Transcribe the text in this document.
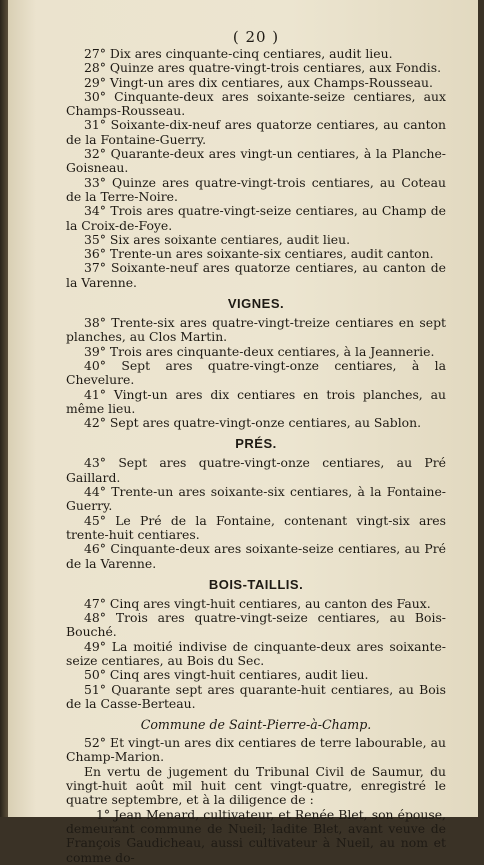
( 20 )

27° Dix ares cinquante-cinq centiares, audit lieu.

28° Quinze ares quatre-vingt-trois centiares, aux Fondis.

29° Vingt-un ares dix centiares, aux Champs-Rousseau.

30° Cinquante-deux ares soixante-seize centiares, aux Champs-Rousseau.

31° Soixante-dix-neuf ares quatorze centiares, au canton de la Fontaine-Guerry.

32° Quarante-deux ares vingt-un centiares, à la Planche-Goisneau.

33° Quinze ares quatre-vingt-trois centiares, au Coteau de la Terre-Noire.

34° Trois ares quatre-vingt-seize centiares, au Champ de la Croix-de-Foye.

35° Six ares soixante centiares, audit lieu.

36° Trente-un ares soixante-six centiares, audit canton.

37° Soixante-neuf ares quatorze centiares, au canton de la Varenne.

VIGNES.

38° Trente-six ares quatre-vingt-treize centiares en sept planches, au Clos Martin.

39° Trois ares cinquante-deux centiares, à la Jeannerie.

40° Sept ares quatre-vingt-onze centiares, à la Chevelure.

41° Vingt-un ares dix centiares en trois planches, au même lieu.

42° Sept ares quatre-vingt-onze centiares, au Sablon.

PRÉS.

43° Sept ares quatre-vingt-onze centiares, au Pré Gaillard.

44° Trente-un ares soixante-six centiares, à la Fontaine-Guerry.

45° Le Pré de la Fontaine, contenant vingt-six ares trente-huit centiares.

46° Cinquante-deux ares soixante-seize centiares, au Pré de la Varenne.

BOIS-TAILLIS.

47° Cinq ares vingt-huit centiares, au canton des Faux.

48° Trois ares quatre-vingt-seize centiares, au Bois-Bouché.

49° La moitié indivise de cinquante-deux ares soixante-seize centiares, au Bois du Sec.

50° Cinq ares vingt-huit centiares, audit lieu.

51° Quarante sept ares quarante-huit centiares, au Bois de la Casse-Berteau.

Commune de Saint-Pierre-à-Champ.

52° Et vingt-un ares dix centiares de terre labourable, au Champ-Marion.

En vertu de jugement du Tribunal Civil de Saumur, du vingt-huit août mil huit cent vingt-quatre, enregistré le quatre septembre, et à la diligence de :

1° Jean Menard, cultivateur, et Renée Blet, son épouse, demeurant commune de Nueil; ladite Blet, avant veuve de François Gaudicheau, aussi cultivateur à Nueil, au nom et comme do-
